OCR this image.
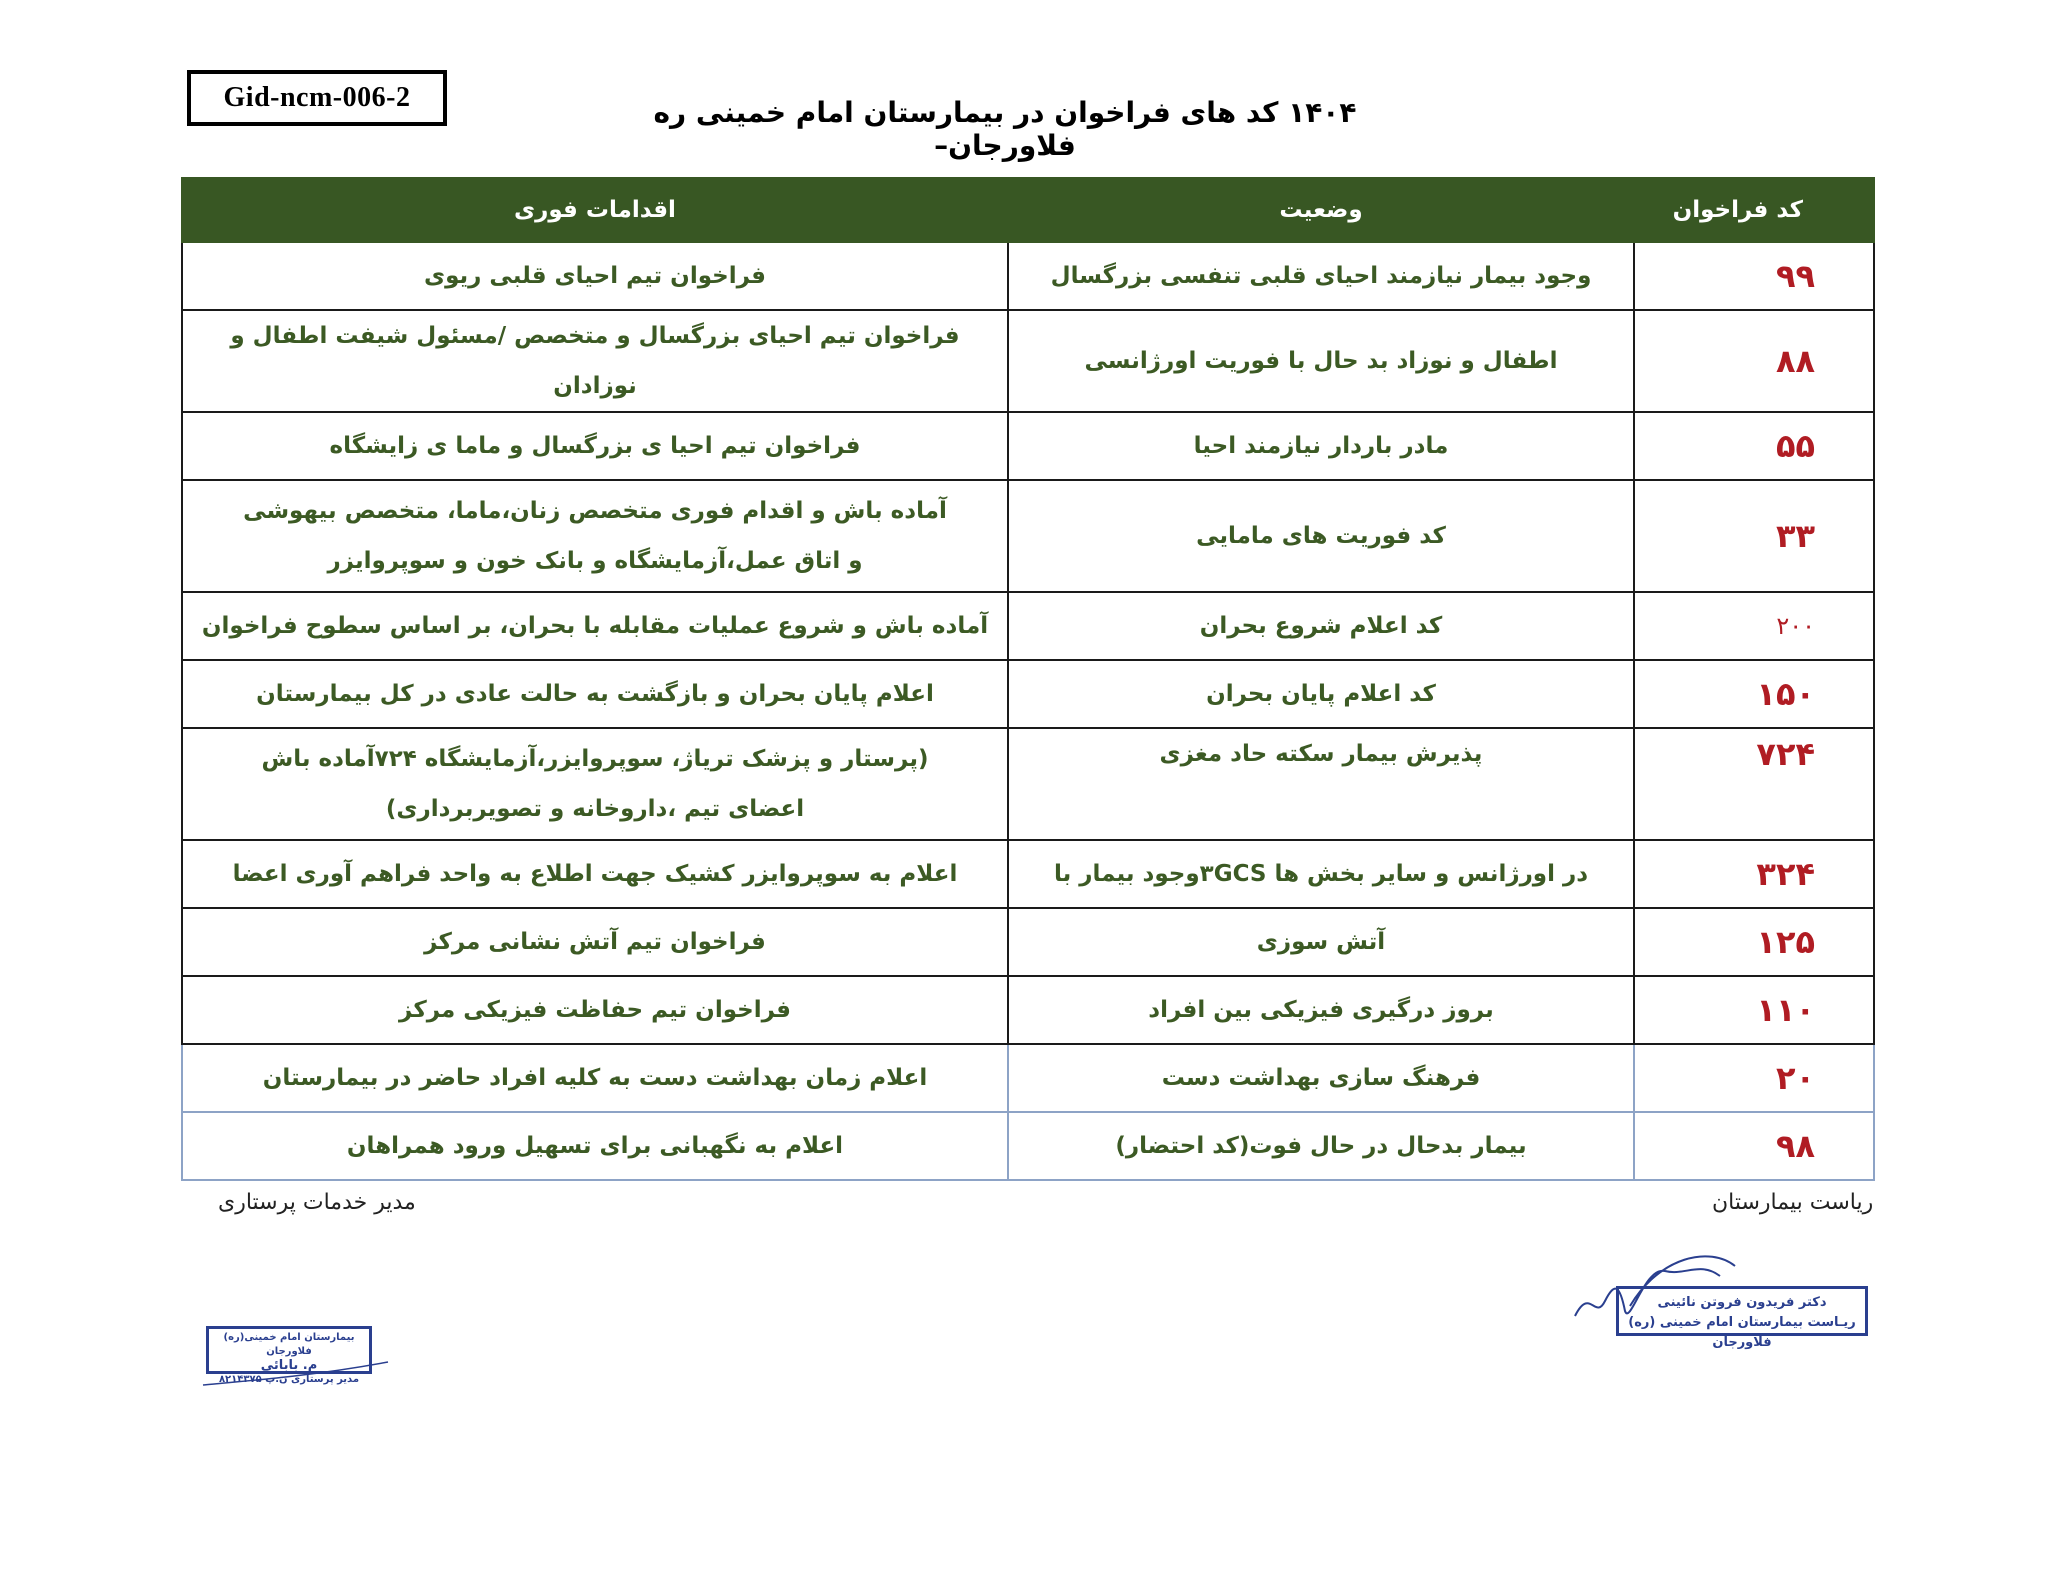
Gid-ncm-006-2	۱۴۰۴ کد های فراخوان در بیمارستان امام خمینی ره فلاورجان–
کد فراخوان	وضعیت	اقدامات فوری
۹۹	وجود بیمار نیازمند احیای قلبی تنفسی بزرگسال	فراخوان تیم احیای قلبی ریوی
۸۸	اطفال و نوزاد بد حال با فوریت اورژانسی	فراخوان تیم احیای بزرگسال و متخصص /مسئول شیفت اطفال و نوزادان
۵۵	مادر باردار نیازمند احیا	فراخوان تیم احیا ی بزرگسال و ماما ی زایشگاه
۳۳	کد فوریت های مامایی	آماده باش و اقدام فوری متخصص زنان،ماما، متخصص بیهوشی و اتاق عمل،آزمایشگاه و بانک خون و سوپروایزر
۲۰۰	کد اعلام شروع بحران	آماده باش و شروع عملیات مقابله با بحران، بر اساس سطوح فراخوان
۱۵۰	کد اعلام پایان بحران	اعلام پایان بحران و بازگشت به حالت عادی در کل بیمارستان
۷۲۴	پذیرش بیمار سکته حاد مغزی	(پرستار و پزشک تریاژ، سوپروایزر،آزمایشگاه ۷۲۴آماده باش اعضای تیم ،داروخانه و تصویربرداری)
۳۲۴	در اورژانس و سایر بخش ها ۳GCSوجود بیمار با	اعلام به سوپروایزر کشیک جهت اطلاع به واحد فراهم آوری اعضا
۱۲۵	آتش سوزی	فراخوان تیم آتش نشانی مرکز
۱۱۰	بروز درگیری فیزیکی بین افراد	فراخوان تیم حفاظت فیزیکی مرکز
۲۰	فرهنگ سازی بهداشت دست	اعلام زمان بهداشت دست به کلیه افراد حاضر در بیمارستان
۹۸	بیمار بدحال در حال فوت(کد احتضار)	اعلام به نگهبانی برای تسهیل ورود همراهان
ریاست بیمارستان
مدیر خدمات پرستاری
دکتر فریدون فروتن نائینی
ریـاست بیمارستان امام خمینی (ره) فلاورجان
بیمارستان امام خمینی(ره) فلاورجان
م. بابائی
مدیر پرستاری ن.پ ۸۲۱۴۳۷۵
